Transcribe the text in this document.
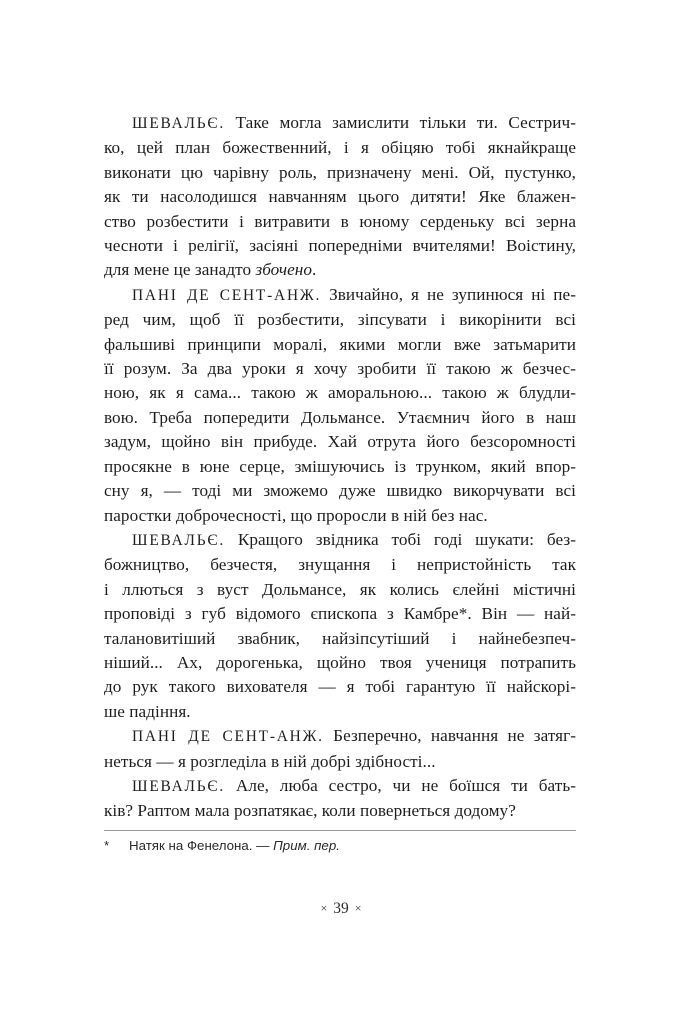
ШЕВАЛЬЄ. Таке могла замислити тільки ти. Сестрич-
ко, цей план божественний, і я обіцяю тобі якнайкраще
виконати цю чарівну роль, призначену мені. Ой, пустунко,
як ти насолодишся навчанням цього дитяти! Яке блажен-
ство розбестити і витравити в юному серденьку всі зерна
чесноти і релігії, засіяні попередніми вчителями! Воістину,
для мене це занадто збочено.
ПАНІ ДЕ СЕНТ-АНЖ. Звичайно, я не зупинюся ні пе-
ред чим, щоб її розбестити, зіпсувати і викорінити всі
фальшиві принципи моралі, якими могли вже затьмарити
її розум. За два уроки я хочу зробити її такою ж безчес-
ною, як я сама... такою ж аморальною... такою ж блудли-
вою. Треба попередити Дольмансе. Утаємнич його в наш
задум, щойно він прибуде. Хай отрута його безсоромності
просякне в юне серце, змішуючись із трунком, який впор-
сну я, — тоді ми зможемо дуже швидко викорчувати всі
паростки доброчесності, що проросли в ній без нас.
ШЕВАЛЬЄ. Кращого звідника тобі годі шукати: без-
божництво, безчестя, знущання і непристойність так
і ллються з вуст Дольмансе, як колись єлейні містичні
проповіді з губ відомого єпископа з Камбре*. Він — най-
талановитіший звабник, найзіпсутіший і найнебезпеч-
ніший... Ах, дорогенька, щойно твоя учениця потрапить
до рук такого вихователя — я тобі гарантую її найскорі-
ше падіння.
ПАНІ ДЕ СЕНТ-АНЖ. Безперечно, навчання не затяг-
неться — я розгледіла в ній добрі здібності...
ШЕВАЛЬЄ. Але, люба сестро, чи не боїшся ти бать-
ків? Раптом мала розпатякає, коли повернеться додому?
* Натяк на Фенелона. — Прим. пер.
× 39 ×
